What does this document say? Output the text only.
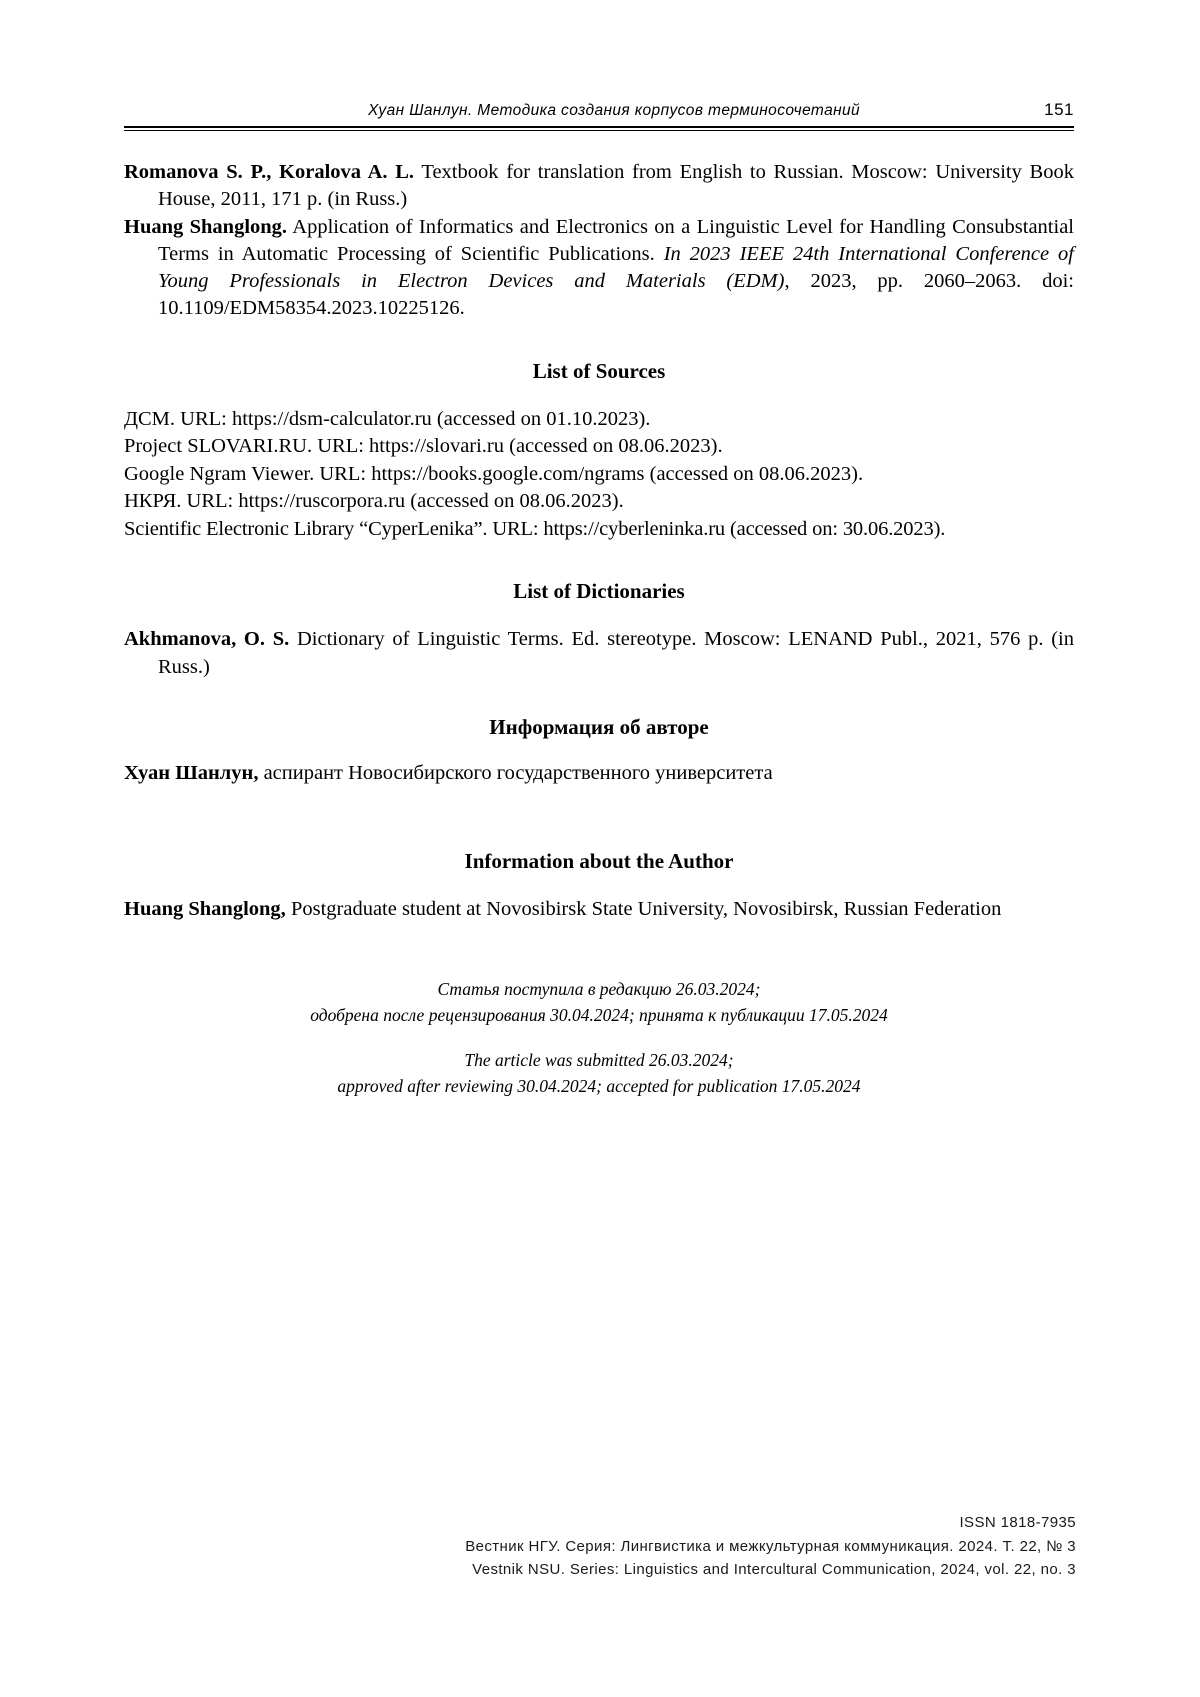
Хуан Шанлун. Методика создания корпусов терминосочетаний	151
Romanova S. P., Koralova A. L. Textbook for translation from English to Russian. Moscow: University Book House, 2011, 171 p. (in Russ.)
Huang Shanglong. Application of Informatics and Electronics on a Linguistic Level for Handling Consubstantial Terms in Automatic Processing of Scientific Publications. In 2023 IEEE 24th International Conference of Young Professionals in Electron Devices and Materials (EDM), 2023, pp. 2060–2063. doi: 10.1109/EDM58354.2023.10225126.
List of Sources
ДСМ. URL: https://dsm-calculator.ru (accessed on 01.10.2023).
Project SLOVARI.RU. URL: https://slovari.ru (accessed on 08.06.2023).
Google Ngram Viewer. URL: https://books.google.com/ngrams (accessed on 08.06.2023).
НКРЯ. URL: https://ruscorpora.ru (accessed on 08.06.2023).
Scientific Electronic Library “CyperLenika”. URL: https://cyberleninka.ru (accessed on: 30.06.2023).
List of Dictionaries
Akhmanova, O. S. Dictionary of Linguistic Terms. Ed. stereotype. Moscow: LENAND Publ., 2021, 576 p. (in Russ.)
Информация об авторе
Хуан Шанлун, аспирант Новосибирского государственного университета
Information about the Author
Huang Shanglong, Postgraduate student at Novosibirsk State University, Novosibirsk, Russian Federation
Статья поступила в редакцию 26.03.2024;
одобрена после рецензирования 30.04.2024; принята к публикации 17.05.2024
The article was submitted 26.03.2024;
approved after reviewing 30.04.2024; accepted for publication 17.05.2024
ISSN 1818-7935
Вестник НГУ. Серия: Лингвистика и межкультурная коммуникация. 2024. Т. 22, № 3
Vestnik NSU. Series: Linguistics and Intercultural Communication, 2024, vol. 22, no. 3
